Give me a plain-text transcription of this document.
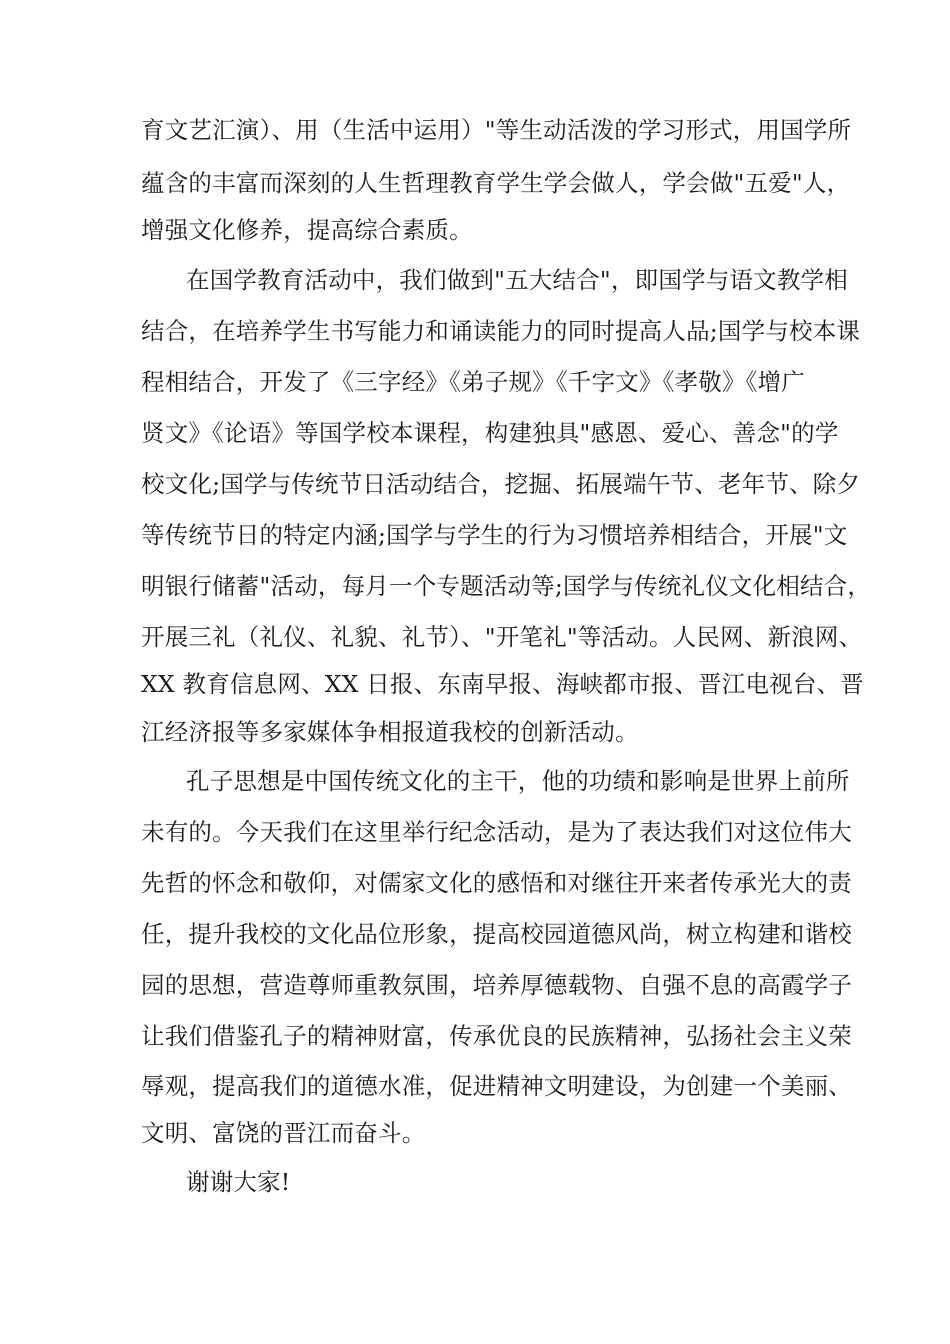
育文艺汇演）、用（生活中运用）"等生动活泼的学习形式，用国学所
蕴含的丰富而深刻的人生哲理教育学生学会做人，学会做"五爱"人，
增强文化修养，提高综合素质。
在国学教育活动中，我们做到"五大结合"，即国学与语文教学相
结合，在培养学生书写能力和诵读能力的同时提高人品;国学与校本课
程相结合，开发了《三字经》《弟子规》《千字文》《孝敬》《增广
贤文》《论语》等国学校本课程，构建独具"感恩、爱心、善念"的学
校文化;国学与传统节日活动结合，挖掘、拓展端午节、老年节、除夕
等传统节日的特定内涵;国学与学生的行为习惯培养相结合，开展"文
明银行储蓄"活动，每月一个专题活动等;国学与传统礼仪文化相结合，
开展三礼（礼仪、礼貌、礼节）、"开笔礼"等活动。人民网、新浪网、
XX 教育信息网、XX 日报、东南早报、海峡都市报、晋江电视台、晋
江经济报等多家媒体争相报道我校的创新活动。
孔子思想是中国传统文化的主干，他的功绩和影响是世界上前所
未有的。今天我们在这里举行纪念活动，是为了表达我们对这位伟大
先哲的怀念和敬仰，对儒家文化的感悟和对继往开来者传承光大的责
任，提升我校的文化品位形象，提高校园道德风尚，树立构建和谐校
园的思想，营造尊师重教氛围，培养厚德载物、自强不息的高霞学子
让我们借鉴孔子的精神财富，传承优良的民族精神，弘扬社会主义荣
辱观，提高我们的道德水准，促进精神文明建设，为创建一个美丽、
文明、富饶的晋江而奋斗。
谢谢大家!
